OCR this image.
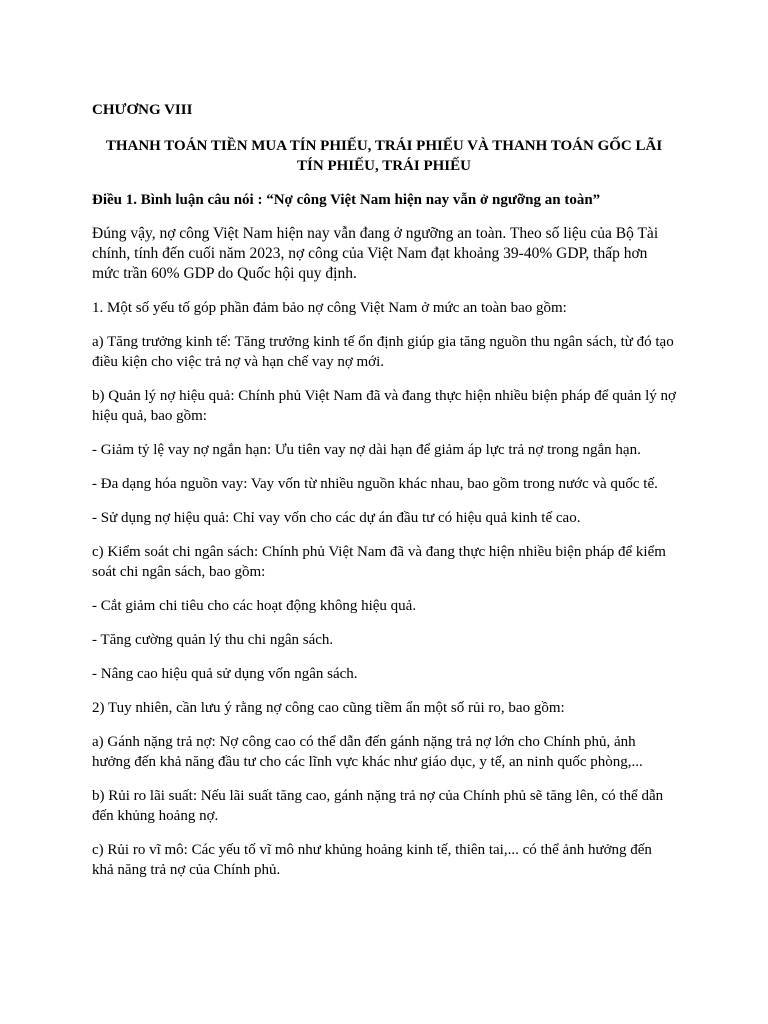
CHƯƠNG VIII
THANH TOÁN TIỀN MUA TÍN PHIẾU, TRÁI PHIẾU VÀ THANH TOÁN GỐC LÃI
TÍN PHIẾU, TRÁI PHIẾU
Điều 1. Bình luận câu nói : “Nợ công Việt Nam hiện nay vẫn ở ngưỡng an toàn”

Đúng vậy, nợ công Việt Nam hiện nay vẫn đang ở ngưỡng an toàn. Theo số liệu của Bộ Tài chính, tính đến cuối năm 2023, nợ công của Việt Nam đạt khoảng 39-40% GDP, thấp hơn mức trần 60% GDP do Quốc hội quy định.

1. Một số yếu tố góp phần đảm bảo nợ công Việt Nam ở mức an toàn bao gồm:

a) Tăng trưởng kinh tế: Tăng trưởng kinh tế ổn định giúp gia tăng nguồn thu ngân sách, từ đó tạo điều kiện cho việc trả nợ và hạn chế vay nợ mới.

b) Quản lý nợ hiệu quả: Chính phủ Việt Nam đã và đang thực hiện nhiều biện pháp để quản lý nợ hiệu quả, bao gồm:

- Giảm tỷ lệ vay nợ ngắn hạn: Ưu tiên vay nợ dài hạn để giảm áp lực trả nợ trong ngắn hạn.

- Đa dạng hóa nguồn vay: Vay vốn từ nhiều nguồn khác nhau, bao gồm trong nước và quốc tế.

- Sử dụng nợ hiệu quả: Chỉ vay vốn cho các dự án đầu tư có hiệu quả kinh tế cao.

c) Kiểm soát chi ngân sách: Chính phủ Việt Nam đã và đang thực hiện nhiều biện pháp để kiểm soát chi ngân sách, bao gồm:

- Cắt giảm chi tiêu cho các hoạt động không hiệu quả.

- Tăng cường quản lý thu chi ngân sách.

- Nâng cao hiệu quả sử dụng vốn ngân sách.

2) Tuy nhiên, cần lưu ý rằng nợ công cao cũng tiềm ẩn một số rủi ro, bao gồm:

a) Gánh nặng trả nợ: Nợ công cao có thể dẫn đến gánh nặng trả nợ lớn cho Chính phủ, ảnh hưởng đến khả năng đầu tư cho các lĩnh vực khác như giáo dục, y tế, an ninh quốc phòng,...

b) Rủi ro lãi suất: Nếu lãi suất tăng cao, gánh nặng trả nợ của Chính phủ sẽ tăng lên, có thể dẫn đến khủng hoảng nợ.

c) Rủi ro vĩ mô: Các yếu tố vĩ mô như khủng hoảng kinh tế, thiên tai,... có thể ảnh hưởng đến khả năng trả nợ của Chính phủ.
